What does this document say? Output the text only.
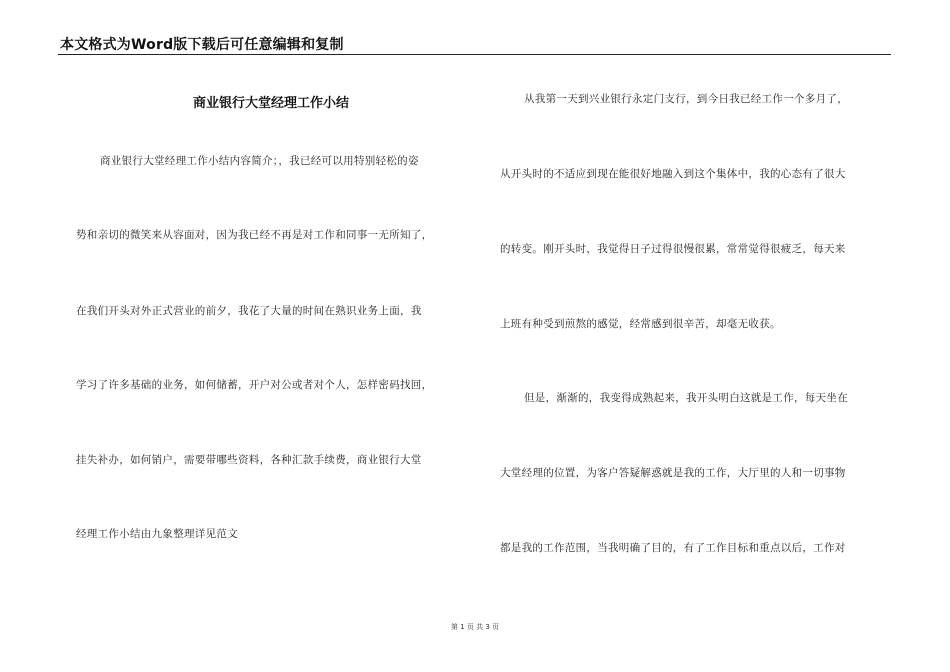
本文格式为Word版下载后可任意编辑和复制
商业银行大堂经理工作小结
商业银行大堂经理工作小结内容简介；，我已经可以用特别轻松的姿
势和亲切的微笑来从容面对，因为我已经不再是对工作和同事一无所知了，
在我们开头对外正式营业的前夕，我花了大量的时间在熟识业务上面，我
学习了许多基础的业务，如何储蓄，开户对公或者对个人，怎样密码找回，
挂失补办，如何销户，需要带哪些资料，各种汇款手续费，商业银行大堂
经理工作小结由九象整理详见范文
从我第一天到兴业银行永定门支行，到今日我已经工作一个多月了，
从开头时的不适应到现在能很好地融入到这个集体中，我的心态有了很大
的转变。刚开头时，我觉得日子过得很慢很累，常常觉得很疲乏，每天来
上班有种受到煎熬的感觉，经常感到很辛苦，却毫无收获。
但是，渐渐的，我变得成熟起来，我开头明白这就是工作，每天坐在
大堂经理的位置，为客户答疑解惑就是我的工作，大厅里的人和一切事物
都是我的工作范围，当我明确了目的，有了工作目标和重点以后，工作对
第 1 页 共 3 页
